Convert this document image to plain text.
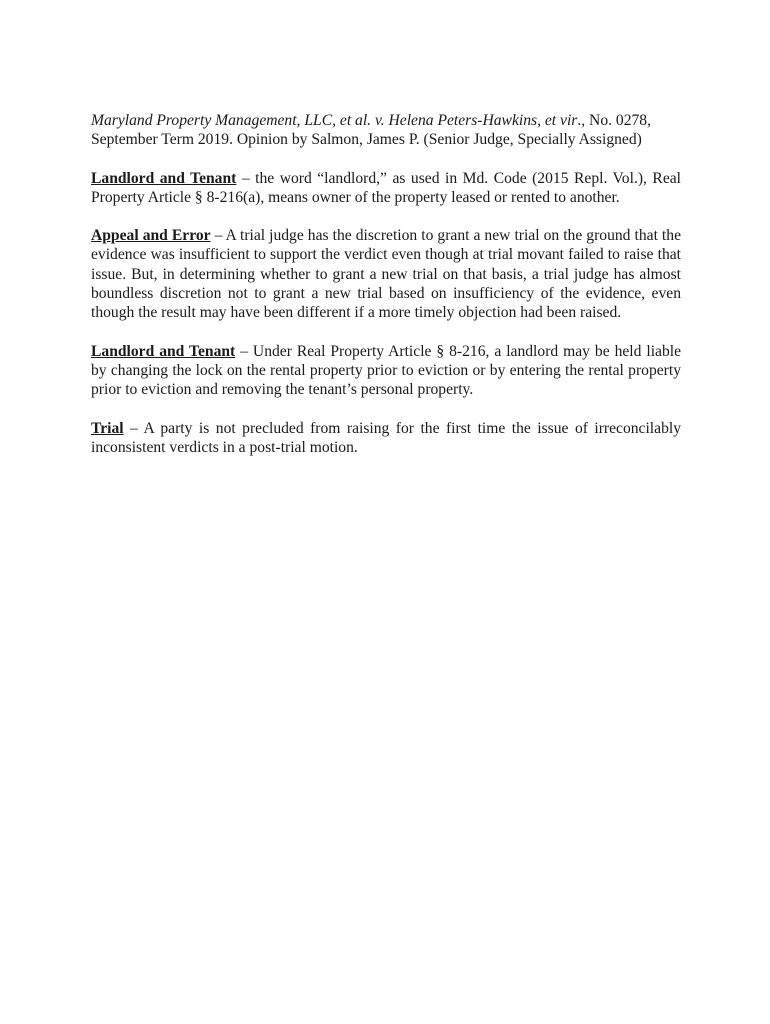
Maryland Property Management, LLC, et al. v. Helena Peters-Hawkins, et vir., No. 0278, September Term 2019. Opinion by Salmon, James P. (Senior Judge, Specially Assigned)

Landlord and Tenant – the word “landlord,” as used in Md. Code (2015 Repl. Vol.), Real Property Article § 8-216(a), means owner of the property leased or rented to another.

Appeal and Error – A trial judge has the discretion to grant a new trial on the ground that the evidence was insufficient to support the verdict even though at trial movant failed to raise that issue. But, in determining whether to grant a new trial on that basis, a trial judge has almost boundless discretion not to grant a new trial based on insufficiency of the evidence, even though the result may have been different if a more timely objection had been raised.

Landlord and Tenant – Under Real Property Article § 8-216, a landlord may be held liable by changing the lock on the rental property prior to eviction or by entering the rental property prior to eviction and removing the tenant’s personal property.

Trial – A party is not precluded from raising for the first time the issue of irreconcilably inconsistent verdicts in a post-trial motion.
